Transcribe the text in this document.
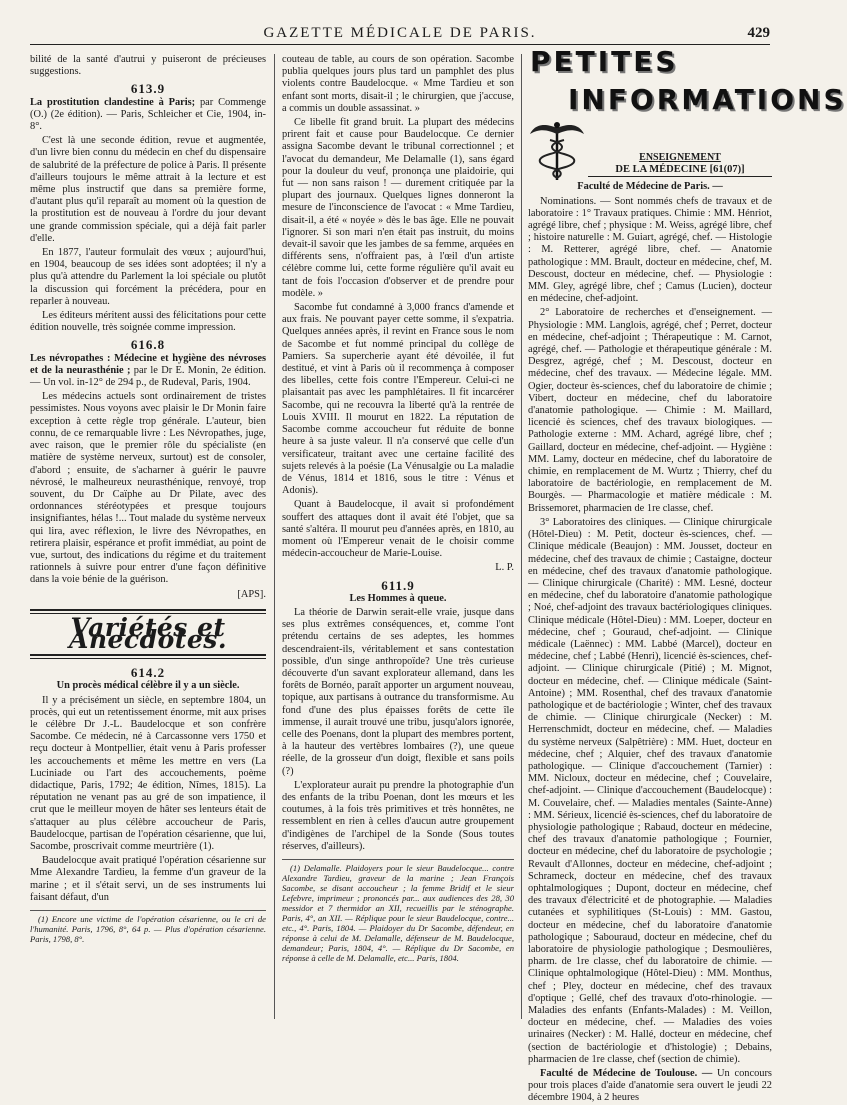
GAZETTE MÉDICALE DE PARIS.	429

bilité de la santé d'autrui y puiseront de précieuses suggestions.

613.9

La prostitution clandestine à Paris; par Commenge (O.) (2e édition). — Paris, Schleicher et Cie, 1904, in-8°.

C'est là une seconde édition, revue et augmentée, d'un livre bien connu du médecin en chef du dispensaire de salubrité de la préfecture de police à Paris. Il présente d'ailleurs toujours le même attrait à la lecture et est même plus instructif que dans sa première forme, d'autant plus qu'il reparaît au moment où la question de la prostitution est de nouveau à l'ordre du jour devant une grande commission spéciale, qui a déjà fait parler d'elle.

En 1877, l'auteur formulait des vœux ; aujourd'hui, en 1904, beaucoup de ses idées sont adoptées; il n'y a plus qu'à attendre du Parlement la loi spéciale ou plutôt la discussion qui forcément la précédera, pour en reparler à nouveau.

Les éditeurs méritent aussi des félicitations pour cette édition nouvelle, très soignée comme impression.

616.8

Les névropathes : Médecine et hygiène des névroses et de la neurasthénie ; par le Dr E. Monin, 2e édition. — Un vol. in-12° de 294 p., de Rudeval, Paris, 1904.

Les médecins actuels sont ordinairement de tristes pessimistes. Nous voyons avec plaisir le Dr Monin faire exception à cette règle trop générale. L'auteur, bien connu, de ce remarquable livre : Les Névropathes, juge, avec raison, que le premier rôle du spécialiste (en matière de système nerveux, surtout) est de consoler, d'abord ; ensuite, de s'acharner à guérir le pauvre névrosé, le malheureux neurasthénique, renvoyé, trop souvent, du Dr Caïphe au Dr Pilate, avec des ordonnances stéréotypées et presque toujours insignifiantes, hélas !... Tout malade du système nerveux qui lira, avec réflexion, le livre des Névropathes, en retirera plaisir, espérance et profit immédiat, au point de vue, surtout, des indications du régime et du traitement rationnels à suivre pour entrer d'une façon définitive dans la voie bénie de la guérison.

[APS].

Variétés et Anecdotes.
614.2

Un procès médical célèbre il y a un siècle.

Il y a précisément un siècle, en septembre 1804, un procès, qui eut un retentissement énorme, mit aux prises le célèbre Dr J.-L. Baudelocque et son confrère Sacombe. Ce médecin, né à Carcassonne vers 1750 et reçu docteur à Montpellier, était venu à Paris professer les accouchements et même les mettre en vers (La Luciniade ou l'art des accouchements, poème didactique, Paris, 1792; 4e édition, Nîmes, 1815). La réputation ne venant pas au gré de son impatience, il crut que le meilleur moyen de hâter ses lenteurs était de s'attaquer au plus célèbre accoucheur de Paris, Baudelocque, partisan de l'opération césarienne, que lui, Sacombe, proscrivait comme meurtrière (1).

Baudelocque avait pratiqué l'opération césarienne sur Mme Alexandre Tardieu, la femme d'un graveur de la marine ; et il s'était servi, un de ses instruments lui faisant défaut, d'un

(1) Encore une victime de l'opération césarienne, ou le cri de l'humanité. Paris, 1796, 8°, 64 p. — Plus d'opération césarienne. Paris, 1798, 8°.

couteau de table, au cours de son opération. Sacombe publia quelques jours plus tard un pamphlet des plus violents contre Baudelocque. « Mme Tardieu et son enfant sont morts, disait-il ; le chirurgien, que j'accuse, a commis un double assassinat. »

Ce libelle fit grand bruit. La plupart des médecins prirent fait et cause pour Baudelocque. Ce dernier assigna Sacombe devant le tribunal correctionnel ; et l'avocat du demandeur, Me Delamalle (1), sans égard pour la douleur du veuf, prononça une plaidoirie, qui fut — non sans raison ! — durement critiquée par la plupart des journaux. Quelques lignes donneront la mesure de l'inconscience de l'avocat : « Mme Tardieu, disait-il, a été « noyée » dès le bas âge. Elle ne pouvait l'ignorer. Si son mari n'en était pas instruit, du moins devait-il savoir que les jambes de sa femme, arquées en différents sens, n'offraient pas, à l'œil d'un artiste célèbre comme lui, cette forme régulière qu'il avait eu tant de fois l'occasion d'observer et de prendre pour modèle. »

Sacombe fut condamné à 3,000 francs d'amende et aux frais. Ne pouvant payer cette somme, il s'expatria. Quelques années après, il revint en France sous le nom de Sacombe et fut nommé principal du collège de Pamiers. Sa supercherie ayant été dévoilée, il fut destitué, et vint à Paris où il recommença à composer des libelles, cette fois contre l'Empereur. Celui-ci ne plaisantait pas avec les pamphlétaires. Il fit incarcérer Sacombe, qui ne recouvra la liberté qu'à la rentrée de Louis XVIII. Il mourut en 1822. La réputation de Sacombe comme accoucheur fut réduite de bonne heure à sa juste valeur. Il n'a conservé que celle d'un versificateur, traitant avec une certaine facilité des sujets relevés à la poésie (La Vénusalgie ou La maladie de Vénus, 1814 et 1816, sous le titre : Vénus et Adonis).

Quant à Baudelocque, il avait si profondément souffert des attaques dont il avait été l'objet, que sa santé s'altéra. Il mourut peu d'années après, en 1810, au moment où l'Empereur venait de le choisir comme médecin-accoucheur de Marie-Louise.

L. P.

611.9

Les Hommes à queue.

La théorie de Darwin serait-elle vraie, jusque dans ses plus extrêmes conséquences, et, comme l'ont prétendu certains de ses adeptes, les hommes descendraient-ils, véritablement et sans contestation possible, d'un singe anthropoïde? Une très curieuse découverte d'un savant explorateur allemand, dans les forêts de Bornéo, paraît apporter un argument nouveau, topique, aux partisans à outrance du transformisme. Au fond d'une des plus épaisses forêts de cette île immense, il aurait trouvé une tribu, jusqu'alors ignorée, celle des Poenans, dont la plupart des membres portent, à la hauteur des vertèbres lombaires (?), une queue réelle, de la grosseur d'un doigt, flexible et sans poils (?)

L'explorateur aurait pu prendre la photographie d'un des enfants de la tribu Poenan, dont les mœurs et les coutumes, à la fois très primitives et très honnêtes, ne ressemblent en rien à celles d'aucun autre groupement d'indigènes de l'archipel de la Sonde (Sous toutes réserves, d'ailleurs).

(1) Delamalle. Plaidoyers pour le sieur Baudelocque... contre Alexandre Tardieu, graveur de la marine ; Jean François Sacombe, se disant accoucheur ; la femme Bridif et le sieur Lefebvre, imprimeur ; prononcés par... aux audiences des 28, 30 messidor et 7 thermidor an XII, recueillis par le sténographe. Paris, 4°, an XII. — Réplique pour le sieur Baudelocque, contre... etc., 4°. Paris, 1804. — Plaidoyer du Dr Sacombe, défendeur, en réponse à celui de M. Delamalle, défenseur de M. Baudelocque, demandeur; Paris, 1804, 4°. — Réplique du Dr Sacombe, en réponse à celle de M. Delamalle, etc... Paris, 1804.

PETITES
INFORMATIONS

ENSEIGNEMENT

DE LA MÉDECINE [61(07)]

Faculté de Médecine de Paris. —

Nominations. — Sont nommés chefs de travaux et de laboratoire : 1° Travaux pratiques. Chimie : MM. Hénriot, agrégé libre, chef ; physique : M. Weiss, agrégé libre, chef ; histoire naturelle : M. Guiart, agrégé, chef. — Histologie : M. Retterer, agrégé libre, chef. — Anatomie pathologique : MM. Brault, docteur en médecine, chef, M. Descoust, docteur en médecine, chef. — Physiologie : MM. Gley, agrégé libre, chef ; Camus (Lucien), docteur en médecine, chef-adjoint.

2° Laboratoire de recherches et d'enseignement. — Physiologie : MM. Langlois, agrégé, chef ; Perret, docteur en médecine, chef-adjoint ; Thérapeutique : M. Carnot, agrégé, chef. — Pathologie et thérapeutique générale : M. Desgrez, agrégé, chef ; M. Descoust, docteur en médecine, chef des travaux. — Médecine légale. MM. Ogier, docteur ès-sciences, chef du laboratoire de chimie ; Vibert, docteur en médecine, chef du laboratoire d'anatomie pathologique. — Chimie : M. Maillard, licencié ès sciences, chef des travaux biologiques. — Pathologie externe : MM. Achard, agrégé libre, chef ; Gaillard, docteur en médecine, chef-adjoint. — Hygiène : MM. Lamy, docteur en médecine, chef du laboratoire de chimie, en remplacement de M. Wurtz ; Thierry, chef du laboratoire de bactériologie, en remplacement de M. Bourgès. — Pharmacologie et matière médicale : M. Brissemoret, pharmacien de 1re classe, chef.

3° Laboratoires des cliniques. — Clinique chirurgicale (Hôtel-Dieu) : M. Petit, docteur ès-sciences, chef. — Clinique médicale (Beaujon) : MM. Jousset, docteur en médecine, chef des travaux de chimie ; Castaigne, docteur en médecine, chef des travaux d'anatomie pathologique. — Clinique chirurgicale (Charité) : MM. Lesné, docteur en médecine, chef du laboratoire d'anatomie pathologique ; Noé, chef-adjoint des travaux bactériologiques cliniques. Clinique médicale (Hôtel-Dieu) : MM. Loeper, docteur en médecine, chef ; Gouraud, chef-adjoint. — Clinique médicale (Laënnec) : MM. Labbé (Marcel), docteur en médecine, chef ; Labbé (Henri), licencié ès-sciences, chef-adjoint. — Clinique chirurgicale (Pitié) ; M. Mignot, docteur en médecine, chef. — Clinique médicale (Saint-Antoine) ; MM. Rosenthal, chef des travaux d'anatomie pathologique et de bactériologie ; Winter, chef des travaux de chimie. — Clinique chirurgicale (Necker) : M. Herrenschmidt, docteur en médecine, chef. — Maladies du système nerveux (Salpêtrière) : MM. Huet, docteur en médecine, chef ; Alquier, chef des travaux d'anatomie pathologique. — Clinique d'accouchement (Tarnier) : MM. Nicloux, docteur en médecine, chef ; Couvelaire, chef-adjoint. — Clinique d'accouchement (Baudelocque) : M. Couvelaire, chef. — Maladies mentales (Sainte-Anne) : MM. Sérieux, licencié ès-sciences, chef du laboratoire de physiologie pathologique ; Rabaud, docteur en médecine, chef des travaux d'anatomie pathologique ; Fournier, docteur en médecine, chef du laboratoire de psychologie ; Revault d'Allonnes, docteur en médecine, chef-adjoint ; Schrameck, docteur en médecine, chef des travaux ophtalmologiques ; Dupont, docteur en médecine, chef des travaux d'électricité et de photographie. — Maladies cutanées et syphilitiques (St-Louis) : MM. Gastou, docteur en médecine, chef du laboratoire d'anatomie pathologique ; Sabouraud, docteur en médecine, chef du laboratoire de physiologie pathologique ; Desmoulières, pharm. de 1re classe, chef du laboratoire de chimie. — Clinique ophtalmologique (Hôtel-Dieu) : MM. Monthus, chef ; Pley, docteur en médecine, chef des travaux d'optique ; Gellé, chef des travaux d'oto-rhinologie. — Maladies des enfants (Enfants-Malades) : M. Veillon, docteur en médecine, chef. — Maladies des voies urinaires (Necker) : M. Hallé, docteur en médecine, chef (section de bactériologie et d'histologie) ; Debains, pharmacien de 1re classe, chef (section de chimie).

Faculté de Médecine de Toulouse. — Un concours pour trois places d'aide d'anatomie sera ouvert le jeudi 22 décembre 1904, à 2 heures
